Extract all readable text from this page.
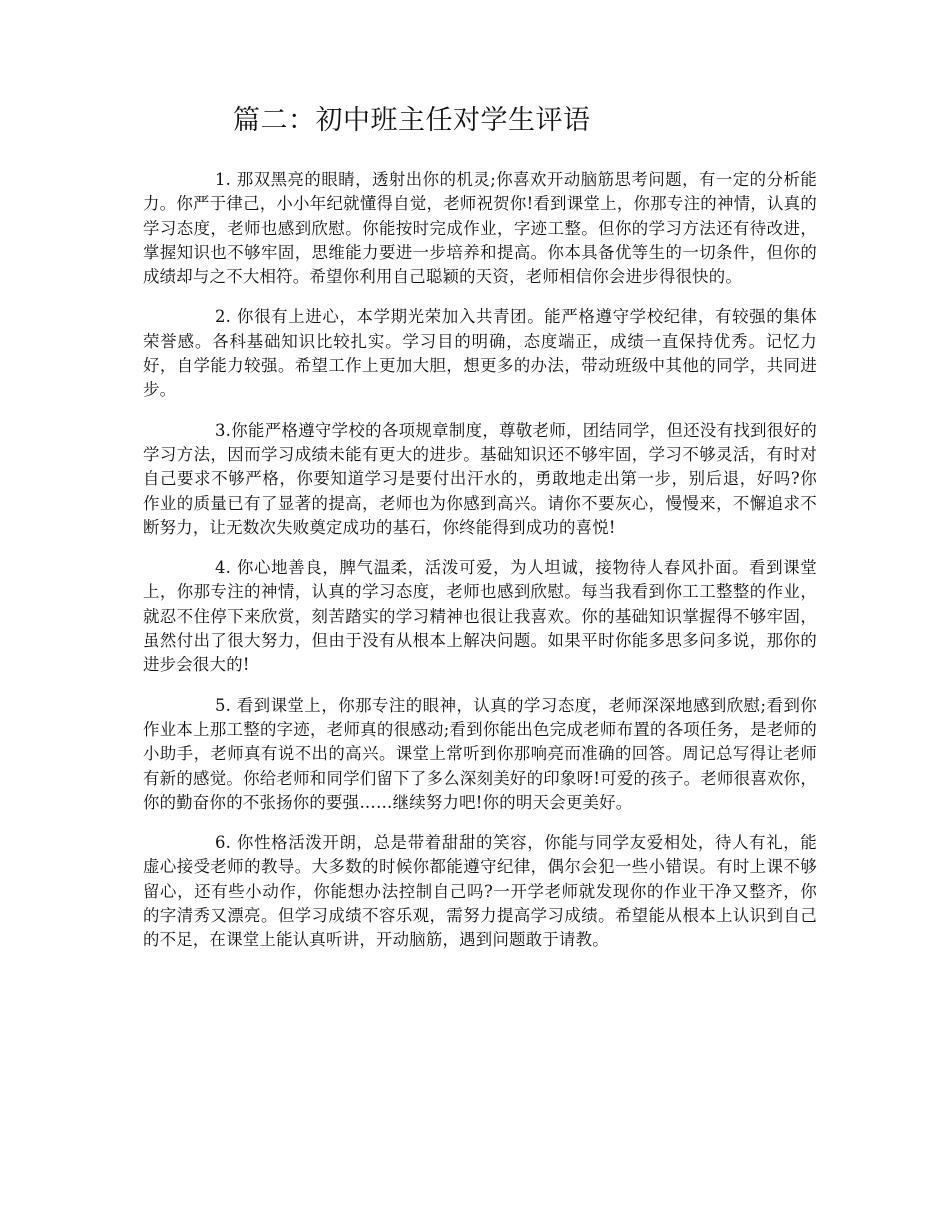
篇二：初中班主任对学生评语

1. 那双黑亮的眼睛，透射出你的机灵;你喜欢开动脑筋思考问题，有一定的分析能力。你严于律己，小小年纪就懂得自觉，老师祝贺你!看到课堂上，你那专注的神情，认真的学习态度，老师也感到欣慰。你能按时完成作业，字迹工整。但你的学习方法还有待改进，掌握知识也不够牢固，思维能力要进一步培养和提高。你本具备优等生的一切条件，但你的成绩却与之不大相符。希望你利用自己聪颖的天资，老师相信你会进步得很快的。

2. 你很有上进心，本学期光荣加入共青团。能严格遵守学校纪律，有较强的集体荣誉感。各科基础知识比较扎实。学习目的明确，态度端正，成绩一直保持优秀。记忆力好，自学能力较强。希望工作上更加大胆，想更多的办法，带动班级中其他的同学，共同进步。

3.你能严格遵守学校的各项规章制度，尊敬老师，团结同学，但还没有找到很好的学习方法，因而学习成绩未能有更大的进步。基础知识还不够牢固，学习不够灵活，有时对自己要求不够严格，你要知道学习是要付出汗水的，勇敢地走出第一步，别后退，好吗?你作业的质量已有了显著的提高，老师也为你感到高兴。请你不要灰心，慢慢来，不懈追求不断努力，让无数次失败奠定成功的基石，你终能得到成功的喜悦!

4. 你心地善良，脾气温柔，活泼可爱，为人坦诚，接物待人春风扑面。看到课堂上，你那专注的神情，认真的学习态度，老师也感到欣慰。每当我看到你工工整整的作业，就忍不住停下来欣赏，刻苦踏实的学习精神也很让我喜欢。你的基础知识掌握得不够牢固，虽然付出了很大努力，但由于没有从根本上解决问题。如果平时你能多思多问多说，那你的进步会很大的!

5. 看到课堂上，你那专注的眼神，认真的学习态度，老师深深地感到欣慰;看到你作业本上那工整的字迹，老师真的很感动;看到你能出色完成老师布置的各项任务，是老师的小助手，老师真有说不出的高兴。课堂上常听到你那响亮而准确的回答。周记总写得让老师有新的感觉。你给老师和同学们留下了多么深刻美好的印象呀!可爱的孩子。老师很喜欢你，你的勤奋你的不张扬你的要强……继续努力吧!你的明天会更美好。

6. 你性格活泼开朗，总是带着甜甜的笑容，你能与同学友爱相处，待人有礼，能虚心接受老师的教导。大多数的时候你都能遵守纪律，偶尔会犯一些小错误。有时上课不够留心，还有些小动作，你能想办法控制自己吗?一开学老师就发现你的作业干净又整齐，你的字清秀又漂亮。但学习成绩不容乐观，需努力提高学习成绩。希望能从根本上认识到自己的不足，在课堂上能认真听讲，开动脑筋，遇到问题敢于请教。
